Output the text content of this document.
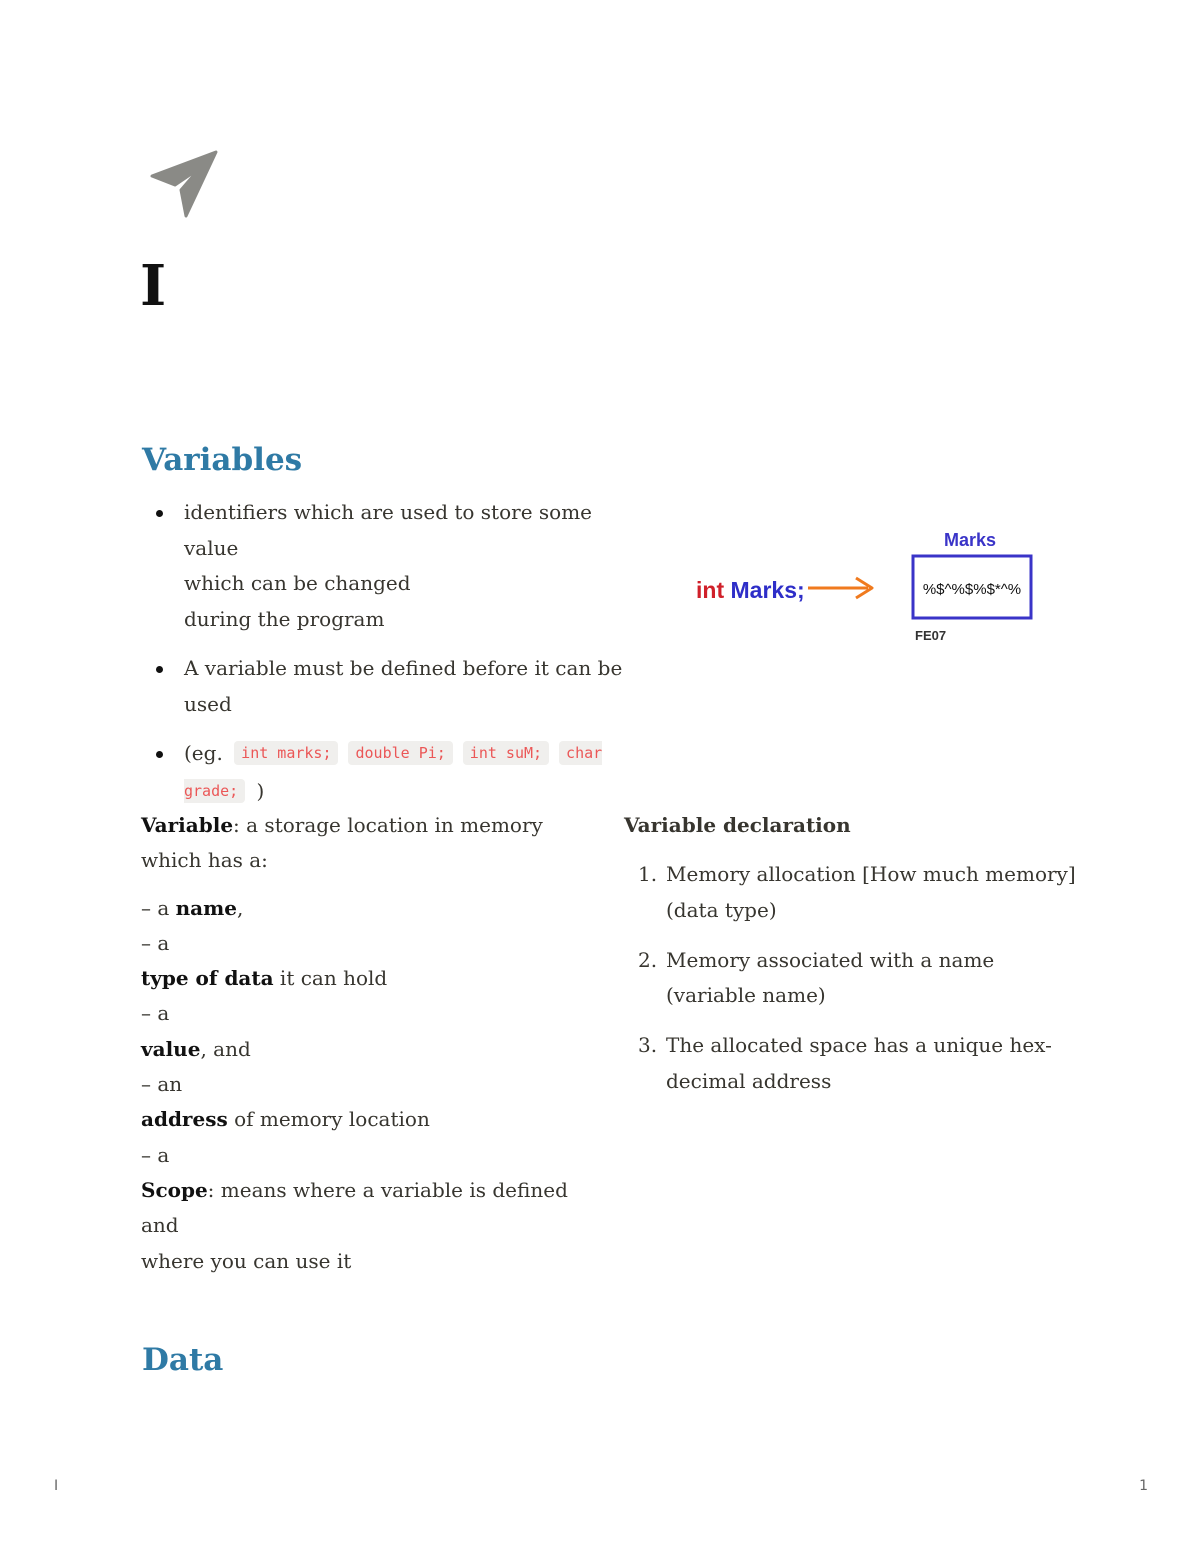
I
Variables
identifiers which are used to store some value
which can be changed
during the program
A variable must be defined before it can be
used
(eg. int marks; double Pi; int suM; char grade; )
int Marks;
Marks
%$^%$%$*^%
FE07

Variable: a storage location in memory

which has a:

– a name,

– a

type of data it can hold

– a

value, and

– an

address of memory location

– a

Scope: means where a variable is defined and

where you can use it

Variable declaration

1. Memory allocation [How much memory]
(data type)
2. Memory associated with a name
(variable name)
3. The allocated space has a unique hex-
decimal address
Data
I	1
